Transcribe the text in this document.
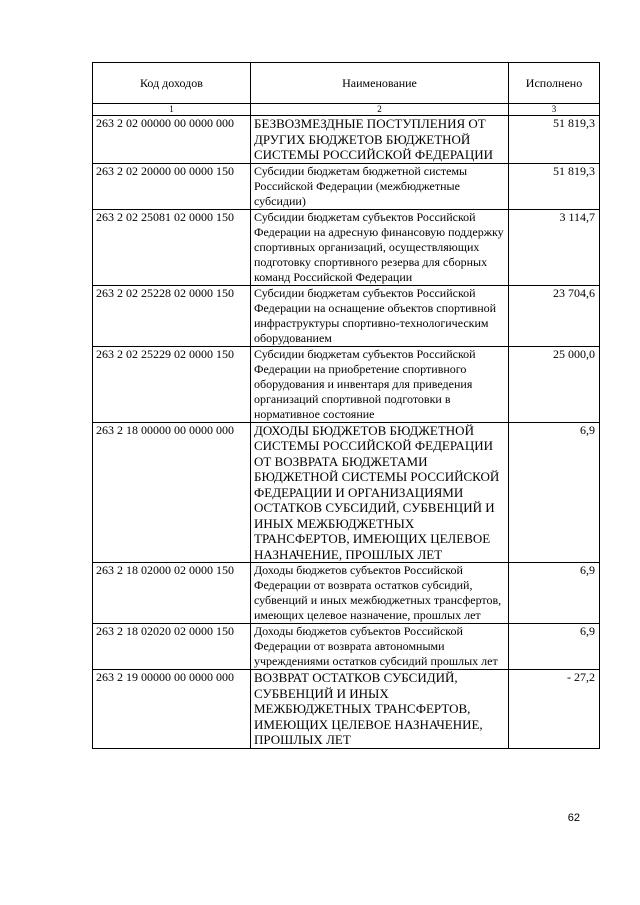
Код доходов	Наименование	Исполнено
1	2	3
263 2 02 00000 00 0000 000	БЕЗВОЗМЕЗДНЫЕ ПОСТУПЛЕНИЯ ОТ ДРУГИХ БЮДЖЕТОВ БЮДЖЕТНОЙ СИСТЕМЫ РОССИЙСКОЙ ФЕДЕРАЦИИ	51 819,3
263 2 02 20000 00 0000 150	Субсидии бюджетам бюджетной системы Российской Федерации (межбюджетные субсидии)	51 819,3
263 2 02 25081 02 0000 150	Субсидии бюджетам субъектов Российской Федерации на адресную финансовую поддержку спортивных организаций, осуществляющих подготовку спортивного резерва для сборных команд Российской Федерации	3 114,7
263 2 02 25228 02 0000 150	Субсидии бюджетам субъектов Российской Федерации на оснащение объектов спортивной инфраструктуры спортивно-технологическим оборудованием	23 704,6
263 2 02 25229 02 0000 150	Субсидии бюджетам субъектов Российской Федерации на приобретение спортивного оборудования и инвентаря для приведения организаций спортивной подготовки в нормативное состояние	25 000,0
263 2 18 00000 00 0000 000	ДОХОДЫ БЮДЖЕТОВ БЮДЖЕТНОЙ СИСТЕМЫ РОССИЙСКОЙ ФЕДЕРАЦИИ ОТ ВОЗВРАТА БЮДЖЕТАМИ БЮДЖЕТНОЙ СИСТЕМЫ РОССИЙСКОЙ ФЕДЕРАЦИИ И ОРГАНИЗАЦИЯМИ ОСТАТКОВ СУБСИДИЙ, СУБВЕНЦИЙ И ИНЫХ МЕЖБЮДЖЕТНЫХ ТРАНСФЕРТОВ, ИМЕЮЩИХ ЦЕЛЕВОЕ НАЗНАЧЕНИЕ, ПРОШЛЫХ ЛЕТ	6,9
263 2 18 02000 02 0000 150	Доходы бюджетов субъектов Российской Федерации от возврата остатков субсидий, субвенций и иных межбюджетных трансфертов, имеющих целевое назначение, прошлых лет	6,9
263 2 18 02020 02 0000 150	Доходы бюджетов субъектов Российской Федерации от возврата автономными учреждениями остатков субсидий прошлых лет	6,9
263 2 19 00000 00 0000 000	ВОЗВРАТ ОСТАТКОВ СУБСИДИЙ, СУБВЕНЦИЙ И ИНЫХ МЕЖБЮДЖЕТНЫХ ТРАНСФЕРТОВ, ИМЕЮЩИХ ЦЕЛЕВОЕ НАЗНАЧЕНИЕ, ПРОШЛЫХ ЛЕТ	- 27,2
62
